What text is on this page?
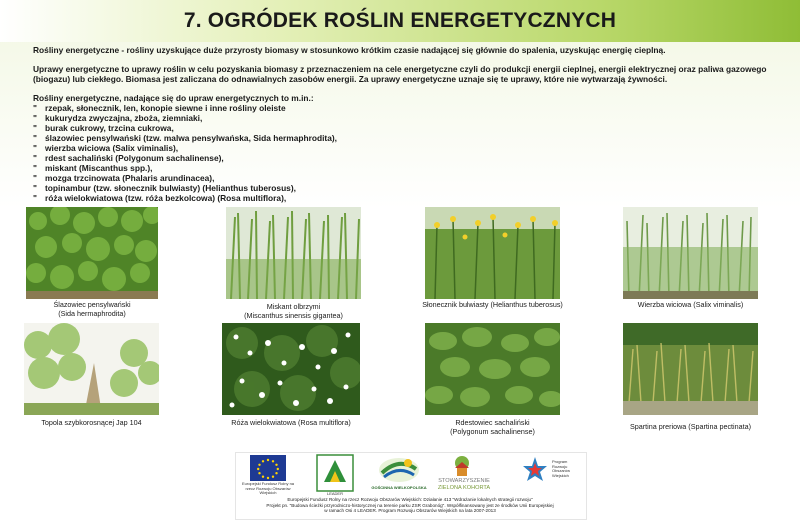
7. OGRÓDEK ROŚLIN ENERGETYCZNYCH

Rośliny energetyczne - rośliny uzyskujące duże przyrosty biomasy w stosunkowo krótkim czasie nadającej się głównie do spalenia, uzyskując energię cieplną.

Uprawy energetyczne to uprawy roślin w celu pozyskania biomasy z przeznaczeniem na cele energetyczne czyli do produkcji energii cieplnej, energii elektrycznej oraz paliwa gazowego (biogazu) lub ciekłego. Biomasa jest zaliczana do odnawialnych zasobów energii. Za uprawy energetyczne uznaje się te uprawy, które nie wytwarzają żywności.

Rośliny energetyczne, nadające się do upraw energetycznych to m.in.:
" rzepak, słonecznik, len, konopie siewne i inne rośliny oleiste
" kukurydza zwyczajna, zboża, ziemniaki,
" burak cukrowy, trzcina cukrowa,
" ślazowiec pensylwański (tzw. malwa pensylwańska, Sida hermaphrodita),
" wierzba wiciowa (Salix viminalis),
" rdest sachaliński (Polygonum sachalinense),
" miskant (Miscanthus spp.),
" mozga trzcinowata (Phalaris arundinacea),
" topinambur (tzw. słonecznik bulwiasty) (Helianthus tuberosus),
" róża wielokwiatowa (tzw. róża bezkolcowa) (Rosa multiflora),
Ślazowiec pensylwański
(Sida hermaphrodita)
Miskant olbrzymi
(Miscanthus sinensis gigantea)
Słonecznik bulwiasty (Helianthus tuberosus)	Wierzba wiciowa (Salix viminalis)
Topola szybkorosnącej Jap 104	Róża wielokwiatowa (Rosa multiflora)	Rdestowiec sachaliński
(Polygonum sachalinense)	Spartina preriowa (Spartina pectinata)
Europejski Fundusz Rolny na rzecz Rozwoju Obszarów Wiejskich	LEADER
GOŚCINNA WIELKOPOLSKA
STOWARZYSZENIE
ZIELONA KOHORTA
Program Rozwoju Obszarów Wiejskich
Europejski Fundusz Rolny na rzecz Rozwoju Obszarów Wiejskich: Działanie 413 "Wdrażanie lokalnych strategii rozwoju"
Projekt pn. "Budowa ścieżki przyrodniczo-historycznej na terenie parku ZSR Grabonóg". Współfinansowany jest ze środków Unii Europejskiej
w ramach Osi 4 LEADER. Program Rozwoju Obszarów Wiejskich na lata 2007-2013
